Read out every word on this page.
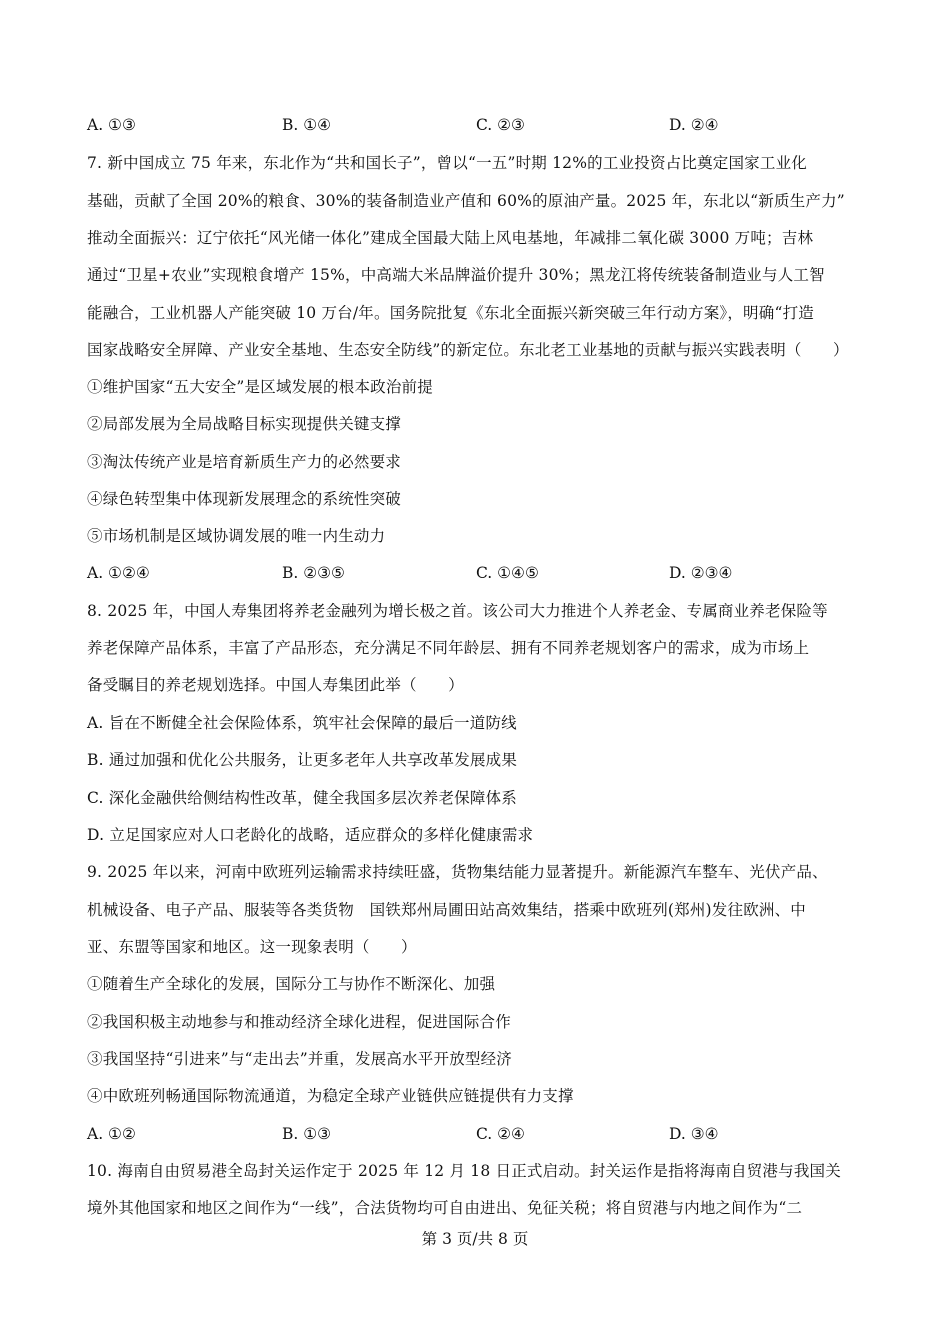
A. ①③	B. ①④	C. ②③	D. ②④
7. 新中国成立 75 年来，东北作为“共和国长子”，曾以“一五”时期 12%的工业投资占比奠定国家工业化
基础，贡献了全国 20%的粮食、30%的装备制造业产值和 60%的原油产量。2025 年，东北以“新质生产力”
推动全面振兴：辽宁依托“风光储一体化”建成全国最大陆上风电基地，年减排二氧化碳 3000 万吨；吉林
通过“卫星+农业”实现粮食增产 15%，中高端大米品牌溢价提升 30%；黑龙江将传统装备制造业与人工智
能融合，工业机器人产能突破 10 万台/年。国务院批复《东北全面振兴新突破三年行动方案》，明确“打造
国家战略安全屏障、产业安全基地、生态安全防线”的新定位。东北老工业基地的贡献与振兴实践表明（　　）
①维护国家“五大安全”是区域发展的根本政治前提
②局部发展为全局战略目标实现提供关键支撑
③淘汰传统产业是培育新质生产力的必然要求
④绿色转型集中体现新发展理念的系统性突破
⑤市场机制是区域协调发展的唯一内生动力
A. ①②④	B. ②③⑤	C. ①④⑤	D. ②③④
8. 2025 年，中国人寿集团将养老金融列为增长极之首。该公司大力推进个人养老金、专属商业养老保险等
养老保障产品体系，丰富了产品形态，充分满足不同年龄层、拥有不同养老规划客户的需求，成为市场上
备受瞩目的养老规划选择。中国人寿集团此举（　　）
A. 旨在不断健全社会保险体系，筑牢社会保障的最后一道防线
B. 通过加强和优化公共服务，让更多老年人共享改革发展成果
C. 深化金融供给侧结构性改革，健全我国多层次养老保障体系
D. 立足国家应对人口老龄化的战略，适应群众的多样化健康需求
9. 2025 年以来，河南中欧班列运输需求持续旺盛，货物集结能力显著提升。新能源汽车整车、光伏产品、
机械设备、电子产品、服装等各类货物　国铁郑州局圃田站高效集结，搭乘中欧班列(郑州)发往欧洲、中
亚、东盟等国家和地区。这一现象表明（　　）
①随着生产全球化的发展，国际分工与协作不断深化、加强
②我国积极主动地参与和推动经济全球化进程，促进国际合作
③我国坚持“引进来”与“走出去”并重，发展高水平开放型经济
④中欧班列畅通国际物流通道，为稳定全球产业链供应链提供有力支撑
A. ①②	B. ①③	C. ②④	D. ③④
10. 海南自由贸易港全岛封关运作定于 2025 年 12 月 18 日正式启动。封关运作是指将海南自贸港与我国关
境外其他国家和地区之间作为“一线”，合法货物均可自由进出、免征关税；将自贸港与内地之间作为“二
第 3 页/共 8 页
